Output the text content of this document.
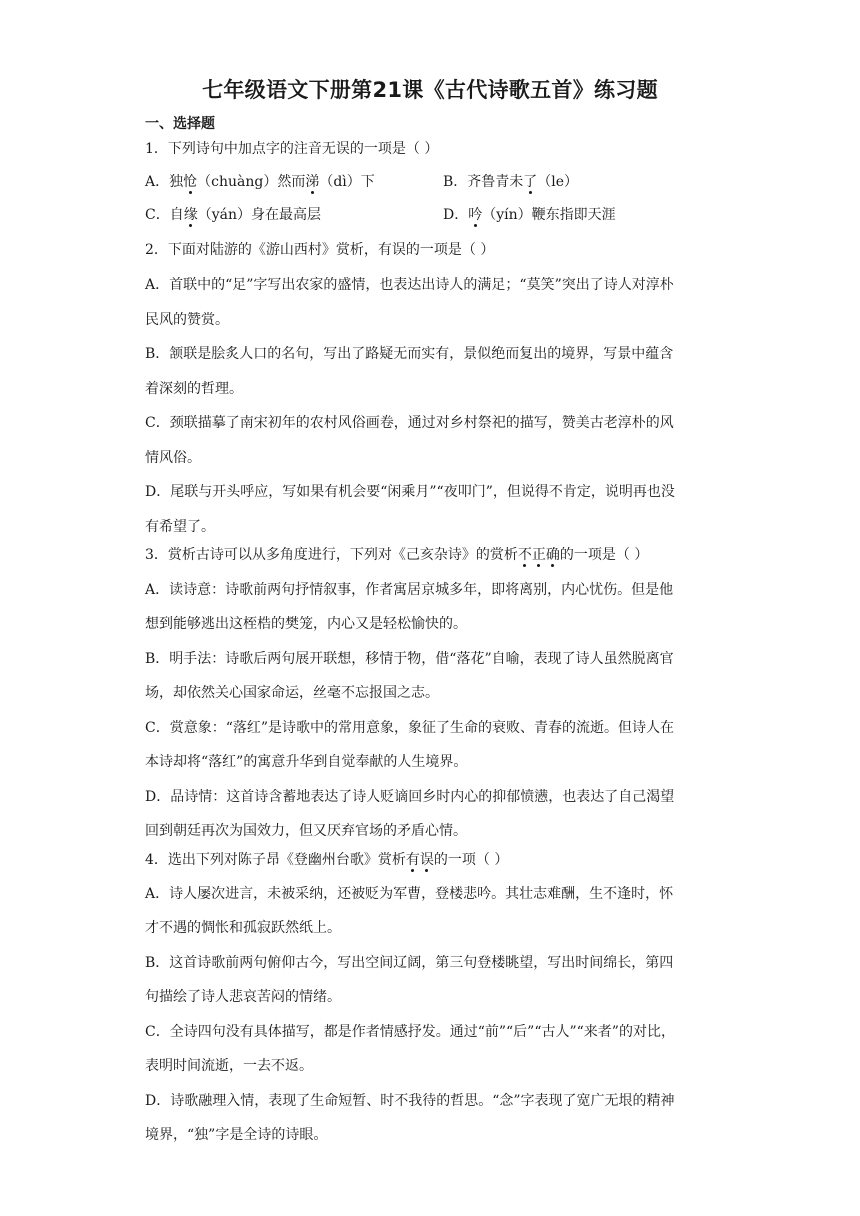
七年级语文下册第21课《古代诗歌五首》练习题
一、选择题
1．下列诗句中加点字的注音无误的一项是（ ）
A．独怆（chuàng）然而涕（dì）下	B．齐鲁青未了（le）
C．自缘（yán）身在最高层	D．吟（yín）鞭东指即天涯
2．下面对陆游的《游山西村》赏析，有误的一项是（ ）
A．首联中的“足”字写出农家的盛情，也表达出诗人的满足；“莫笑”突出了诗人对淳朴
民风的赞赏。
B．颔联是脍炙人口的名句，写出了路疑无而实有，景似绝而复出的境界，写景中蕴含
着深刻的哲理。
C．颈联描摹了南宋初年的农村风俗画卷，通过对乡村祭祀的描写，赞美古老淳朴的风
情风俗。
D．尾联与开头呼应，写如果有机会要“闲乘月”“夜叩门”，但说得不肯定，说明再也没
有希望了。
3．赏析古诗可以从多角度进行，下列对《己亥杂诗》的赏析不正确的一项是（ ）
A．读诗意：诗歌前两句抒情叙事，作者寓居京城多年，即将离别，内心忧伤。但是他
想到能够逃出这桎梏的樊笼，内心又是轻松愉快的。
B．明手法：诗歌后两句展开联想，移情于物，借“落花”自喻，表现了诗人虽然脱离官
场，却依然关心国家命运，丝毫不忘报国之志。
C．赏意象：“落红”是诗歌中的常用意象，象征了生命的衰败、青春的流逝。但诗人在
本诗却将“落红”的寓意升华到自觉奉献的人生境界。
D．品诗情：这首诗含蓄地表达了诗人贬谪回乡时内心的抑郁愤懑，也表达了自己渴望
回到朝廷再次为国效力，但又厌弃官场的矛盾心情。
4．选出下列对陈子昂《登幽州台歌》赏析有误的一项（ ）
A．诗人屡次进言，未被采纳，还被贬为军曹，登楼悲吟。其壮志难酬，生不逢时，怀
才不遇的惆怅和孤寂跃然纸上。
B．这首诗歌前两句俯仰古今，写出空间辽阔，第三句登楼眺望，写出时间绵长，第四
句描绘了诗人悲哀苦闷的情绪。
C．全诗四句没有具体描写，都是作者情感抒发。通过“前”“后”“古人”“来者”的对比，
表明时间流逝，一去不返。
D．诗歌融理入情，表现了生命短暂、时不我待的哲思。“念”字表现了宽广无垠的精神
境界，“独”字是全诗的诗眼。
